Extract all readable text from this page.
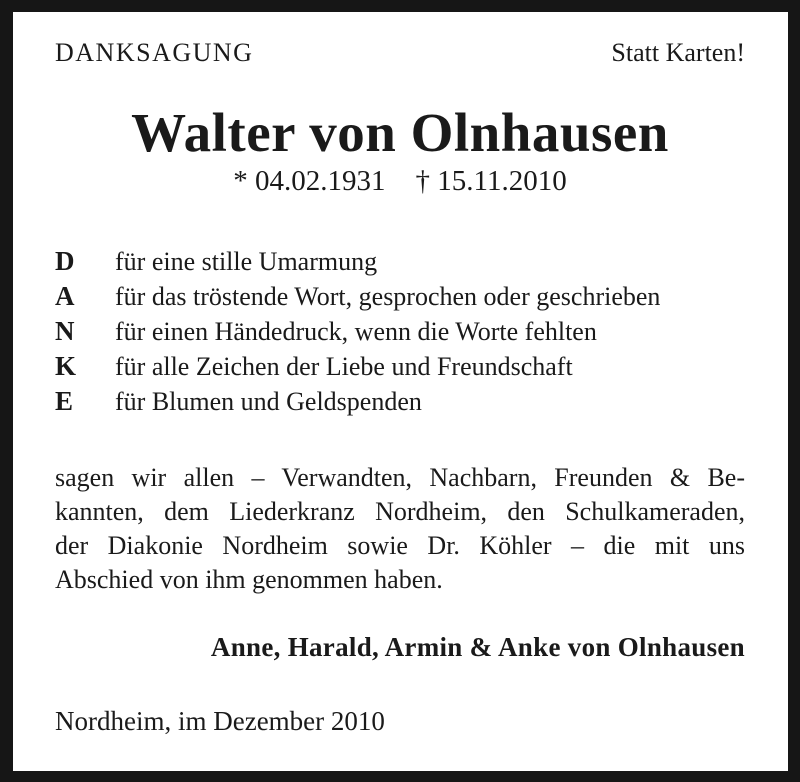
DANKSAGUNG	Statt Karten!
Walter von Olnhausen
* 04.02.1931 † 15.11.2010
D	für eine stille Umarmung
A	für das tröstende Wort, gesprochen oder geschrieben
N	für einen Händedruck, wenn die Worte fehlten
K	für alle Zeichen der Liebe und Freundschaft
E	für Blumen und Geldspenden
sagen wir allen – Verwandten, Nachbarn, Freunden & Be-
kannten, dem Liederkranz Nordheim, den Schulkameraden,
der Diakonie Nordheim sowie Dr. Köhler – die mit uns
Abschied von ihm genommen haben.
Anne, Harald, Armin & Anke von Olnhausen
Nordheim, im Dezember 2010
